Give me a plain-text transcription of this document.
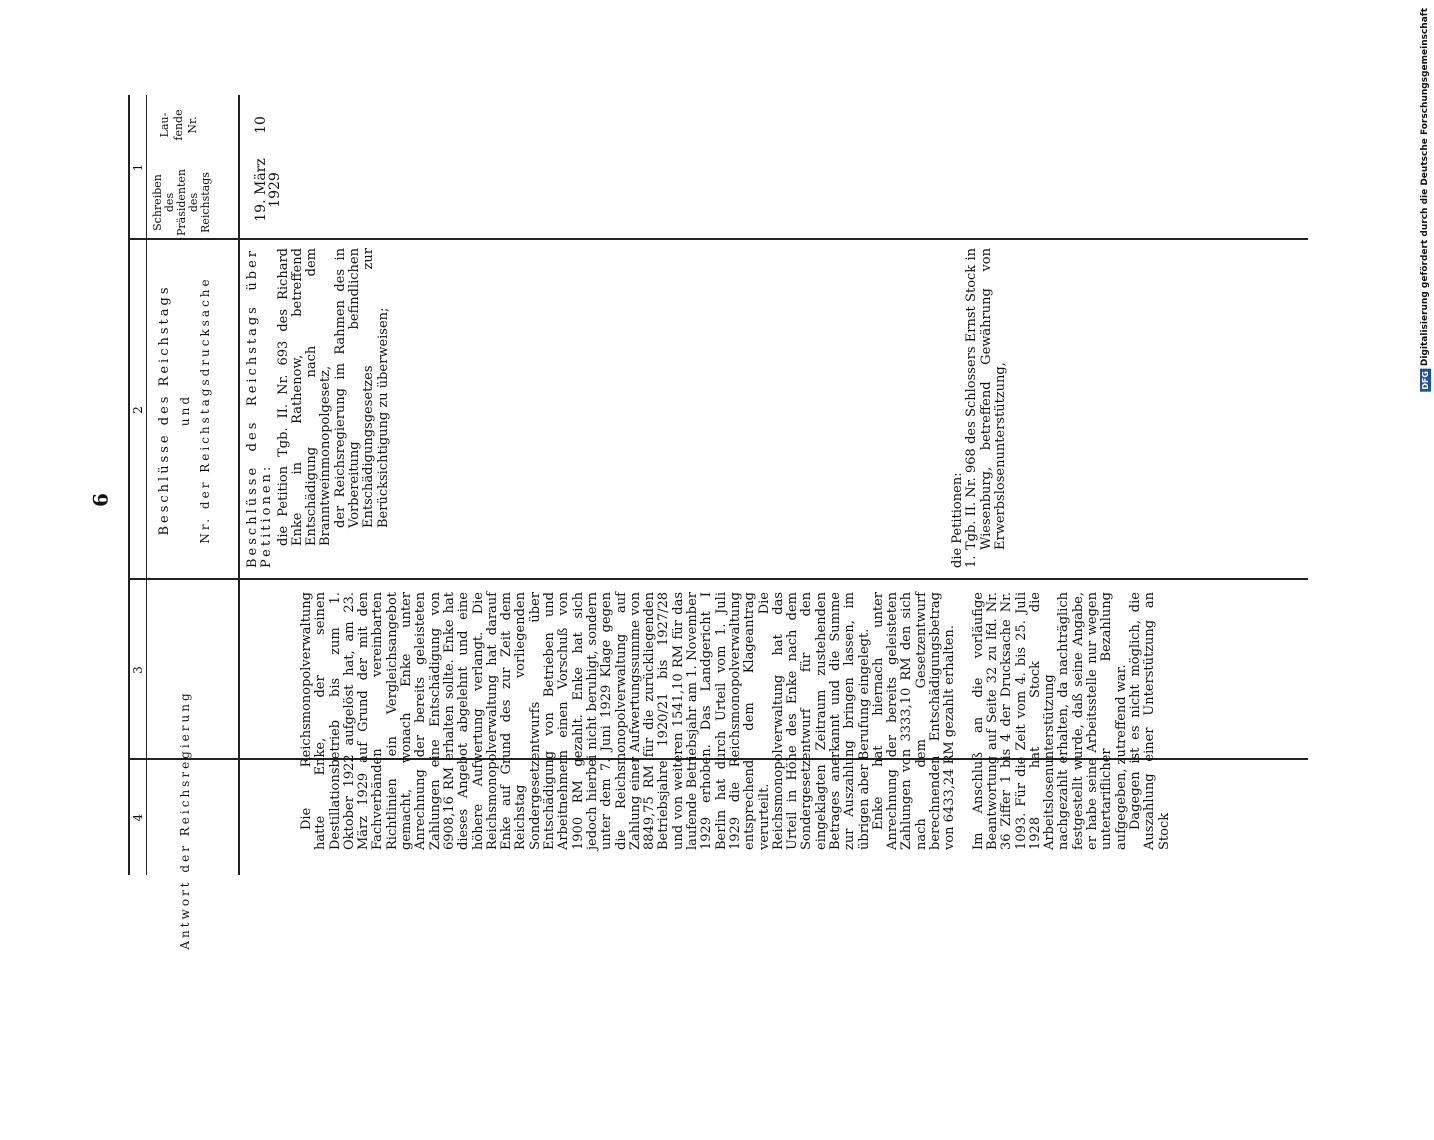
9
4
3
2
1
Antwort der Reichsregierung
Beschlüsse des Reichstags und Nr. der Reichstagsdrucksache
Schreiben
des
Präsidenten
des
Reichstags
Lau-
fende
Nr.	10
19. März
1929

Beschlüsse des Reichstags über Petitionen: die Petition Tgb. II. Nr. 693 des Richard Enke in Rathenow, betreffend Entschädigung nach dem Branntweinmonopolgesetz, der Reichsregierung im Rahmen des in Vorbereitung befindlichen Entschädigungsgesetzes zur Berücksichtigung zu überweisen;	die Petitionen: 1.
Tgb. II. Nr. 968 des Schlossers Ernst Stock in Wiesenburg, betreffend Gewährung von Erwerbslosenunterstützung,

Die Reichsmonopolverwaltung hatte Enke, der seinen Destillationsbetrieb bis zum 1. Oktober 1922 aufgelöst hat, am 23. März 1929 auf Grund der mit den Fachverbänden vereinbarten Richtlinien ein Vergleichsangebot gemacht, wonach Enke unter Anrechnung der bereits geleisteten Zahlungen eine Entschädigung von 6908,16 RM erhalten sollte. Enke hat dieses Angebot abgelehnt und eine höhere Aufwertung verlangt. Die Reichsmonopolverwaltung hat darauf Enke auf Grund des zur Zeit dem Reichstag vorliegenden Sondergesetzentwurfs über Entschädigung von Betrieben und Arbeitnehmern einen Vorschuß von 1900 RM gezahlt. Enke hat sich jedoch hierbei nicht beruhigt, sondern unter dem 7. Juni 1929 Klage gegen die Reichsmonopolverwaltung auf Zahlung einer Aufwertungssumme von 8849,75 RM für die zurückliegenden Betriebsjahre 1920/21 bis 1927/28 und von weiteren 1541,10 RM für das laufende Betriebsjahr am 1. November 1929 erhoben. Das Landgericht I Berlin hat durch Urteil vom 1. Juli 1929 die Reichsmonopolverwaltung entsprechend dem Klageantrag verurteilt. Die Reichsmonopolverwaltung hat das Urteil in Höhe des Enke nach dem Sondergesetzentwurf für den eingeklagten Zeitraum zustehenden Betrages anerkannt und die Summe zur Auszahlung bringen lassen, im übrigen aber Berufung eingelegt. Enke hat hiernach unter Anrechnung der bereits geleisteten Zahlungen von 3333,10 RM den sich nach dem Gesetzentwurf berechnenden Entschädigungsbetrag von 6433,24 RM gezahlt erhalten. Im Anschluß an die vorläufige Beantwortung auf Seite 32 zu lfd. Nr. 36 Ziffer 1 bis 4 der Drucksache Nr. 1093. Für die Zeit vom 4. bis 25. Juli 1928 hat Stock die Arbeitslosenunterstützung nachgezahlt erhalten, da nachträglich festgestellt wurde, daß seine Angabe, er habe seine Arbeitsstelle nur wegen untertariflicher Bezahlung aufgegeben, zutreffend war. Dagegen ist es nicht möglich, die Auszahlung einer Unterstützung an Stock

DFG
Digitalisierung gefördert durch die Deutsche Forschungsgemeinschaft
